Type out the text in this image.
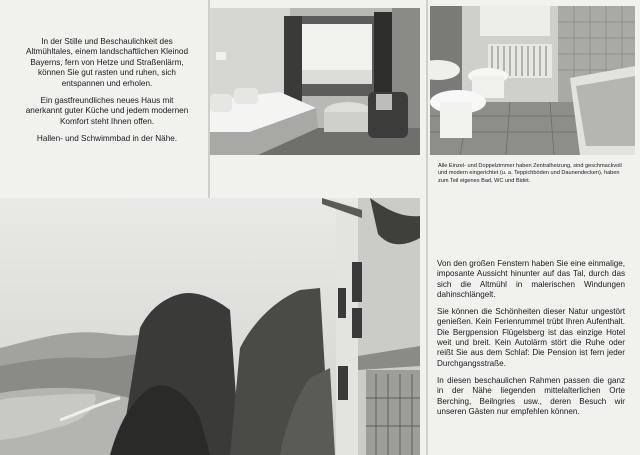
In der Stille und Beschaulichkeit des Altmühltales, einem landschaftlichen Kleinod Bayerns, fern von Hetze und Straßenlärm, können Sie gut rasten und ruhen, sich entspannen und erholen.

Ein gastfreundliches neues Haus mit anerkannt guter Küche und jedem modernen Komfort steht Ihnen offen.

Hallen- und Schwimmbad in der Nähe.

Alle Einzel- und Doppelzimmer haben Zentralheizung, sind geschmackvoll und modern eingerichtet (u. a. Teppichböden und Daunendecken), haben zum Teil eigenes Bad, WC und Bidet.

Von den großen Fenstern haben Sie eine einmalige, imposante Aussicht hinunter auf das Tal, durch das sich die Altmühl in malerischen Windungen dahinschlängelt.

Sie können die Schönheiten dieser Natur ungestört genießen. Kein Ferienrummel trübt Ihren Aufenthalt. Die Bergpension Flügelsberg ist das einzige Hotel weit und breit. Kein Autolärm stört die Ruhe oder reißt Sie aus dem Schlaf: Die Pension ist fern jeder Durchgangsstraße.

In diesen beschaulichen Rahmen passen die ganz in der Nähe liegenden mittelalterlichen Orte Berching, Beilngries usw., deren Besuch wir unseren Gästen nur empfehlen können.
